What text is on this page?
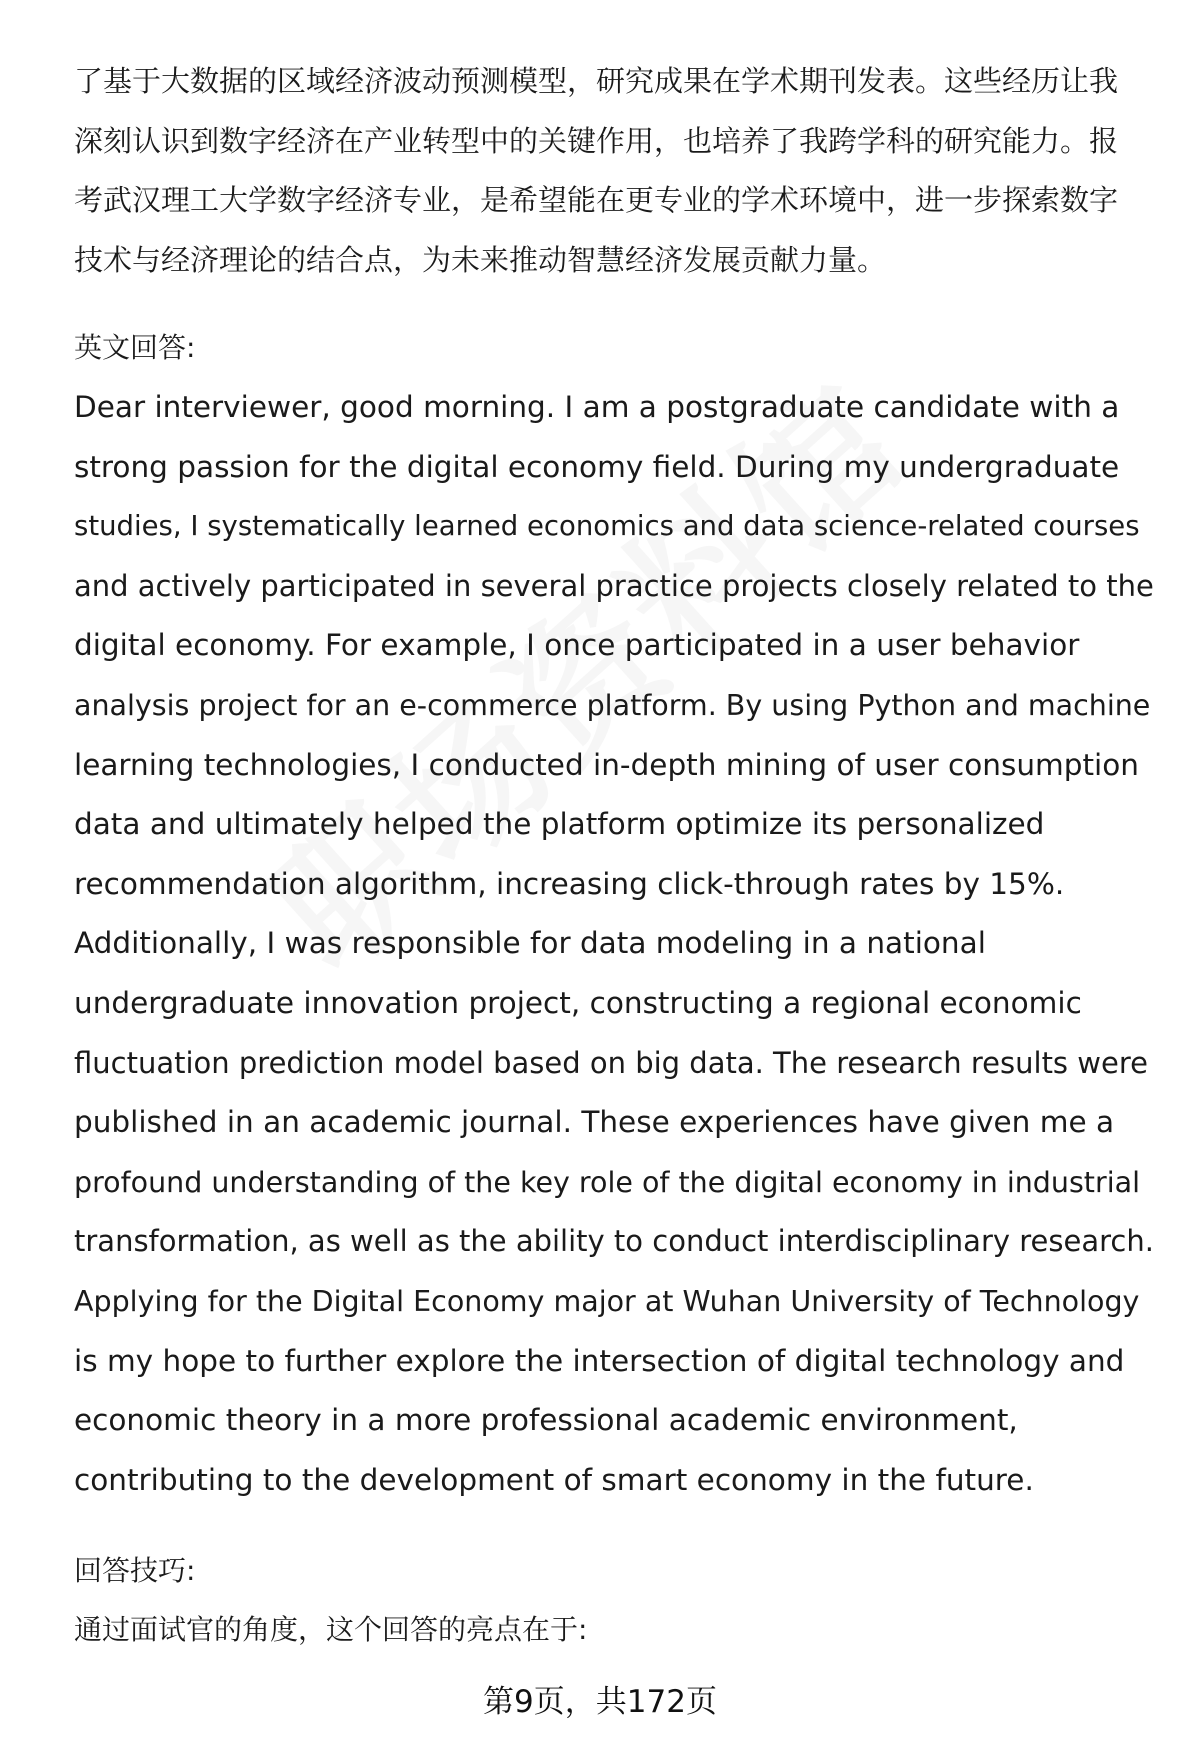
了基于大数据的区域经济波动预测模型，研究成果在学术期刊发表。这些经历让我
深刻认识到数字经济在产业转型中的关键作用，也培养了我跨学科的研究能力。报
考武汉理工大学数字经济专业，是希望能在更专业的学术环境中，进一步探索数字
技术与经济理论的结合点，为未来推动智慧经济发展贡献力量。
英文回答:
Dear interviewer, good morning. I am a postgraduate candidate with a
strong passion for the digital economy field. During my undergraduate
studies, I systematically learned economics and data science-related courses
and actively participated in several practice projects closely related to the
digital economy. For example, I once participated in a user behavior
analysis project for an e-commerce platform. By using Python and machine
learning technologies, I conducted in-depth mining of user consumption
data and ultimately helped the platform optimize its personalized
recommendation algorithm, increasing click-through rates by 15%.
Additionally, I was responsible for data modeling in a national
undergraduate innovation project, constructing a regional economic
fluctuation prediction model based on big data. The research results were
published in an academic journal. These experiences have given me a
profound understanding of the key role of the digital economy in industrial
transformation, as well as the ability to conduct interdisciplinary research.
Applying for the Digital Economy major at Wuhan University of Technology
is my hope to further explore the intersection of digital technology and
economic theory in a more professional academic environment,
contributing to the development of smart economy in the future.
回答技巧:
通过面试官的角度，这个回答的亮点在于:
第9页，共172页
